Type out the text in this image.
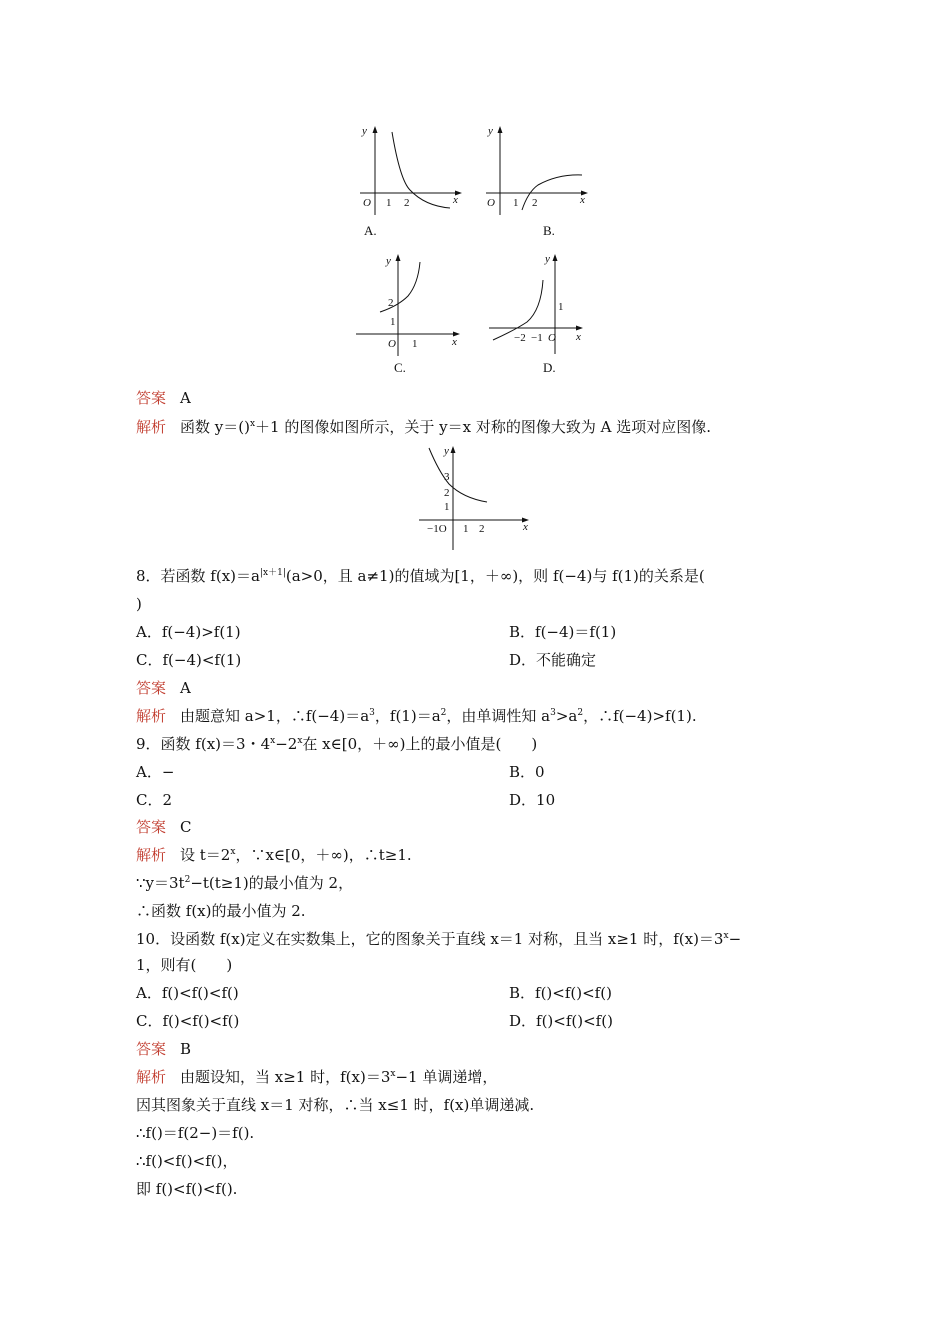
y
x
O 1 2
A.
y
x
O 1 2
B.
y
x
O 1
1
2
C.
y
x
O
−2 −1
1
D.
答案 A
解析 函数 y＝()$^x$＋1 的图像如图所示，关于 y＝x 对称的图像大致为 A 选项对应图像.
y
x
−1O 1 2
1
2
3
8．若函数 $f(x)=a^{|x+1|}(a>0$，且 a≠1)的值域为[1，＋∞)，则 f(−4)与 f(1)的关系是(
)
A．f(−4)>f(1)	B．f(−4)＝f(1)
C．f(−4)<f(1)	D．不能确定
答案 A
解析 由题意知 a>1，$\therefore f(-4)=a^3$，$f(1)=a^2$，由单调性知 $a^3>a^2$，∴f(−4)>f(1).
9．函数 f(x)＝3・$4^x-2^x$在 x∈[0，＋∞)上的最小值是(　　)
A．−	B．0
C．2	D．10
答案 C
解析 设 $t=2^x$，∵x∈[0，＋∞)，∴t≥1.
$\because y=3t^2-t(t\ge 1)$的最小值为 2，
∴函数 f(x)的最小值为 2.
10．设函数 f(x)定义在实数集上，它的图象关于直线 x＝1 对称，且当 x≥1 时，$f(x)=3^x-$
1，则有(　　)
A．f()<f()<f()	B．f()<f()<f()
C．f()<f()<f()	D．f()<f()<f()
答案 B
解析 由题设知，当 x≥1 时，$f(x)=3^x-1$ 单调递增，
因其图象关于直线 x＝1 对称，∴当 x≤1 时，f(x)单调递减.
∴f()＝f(2−)＝f().
∴f()<f()<f()，
即 f()<f()<f().
